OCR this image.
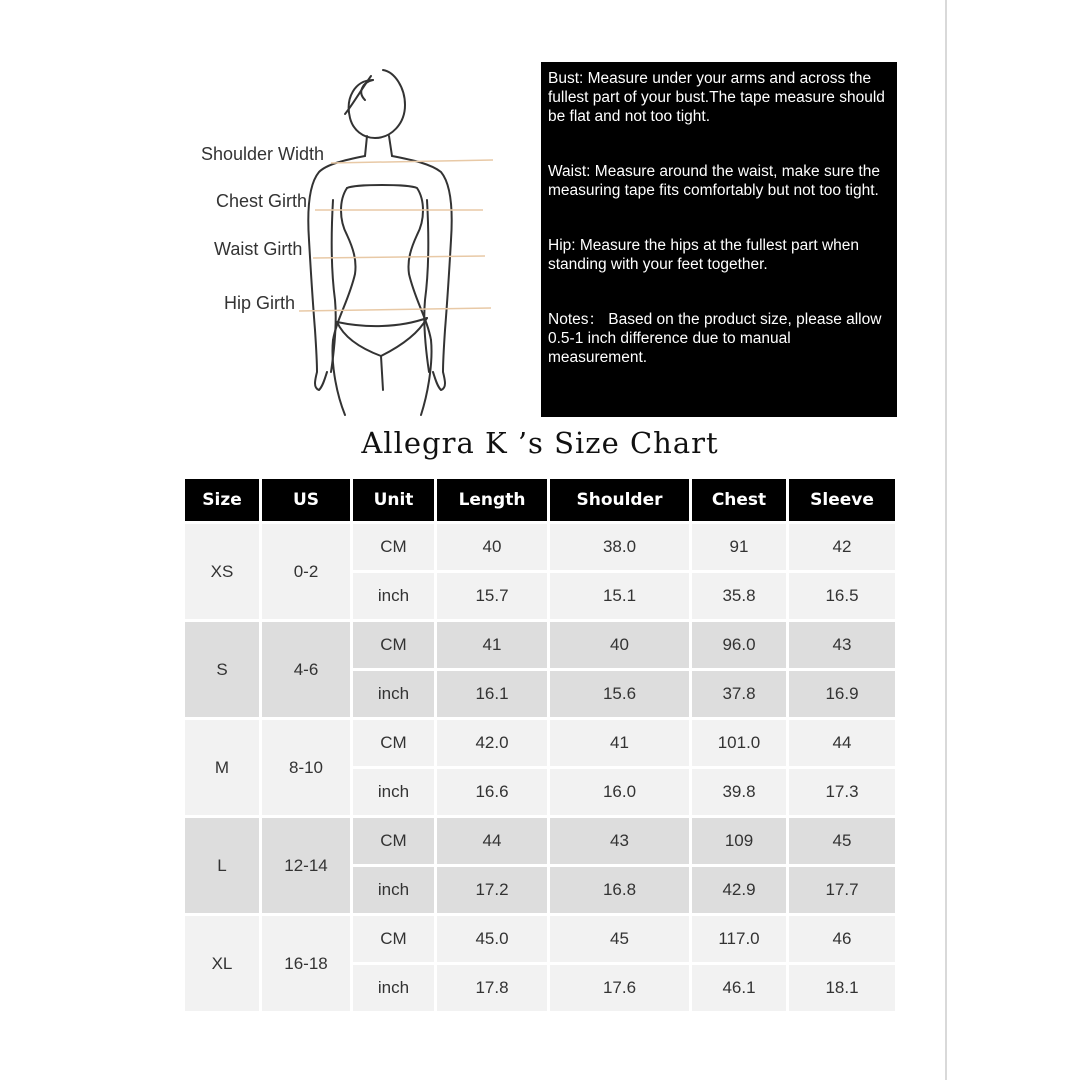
Shoulder Width
Chest Girth
Waist Girth
Hip Girth

Bust: Measure under your arms and across the fullest part of your bust.The tape measure should be flat and not too tight.

Waist: Measure around the waist, make sure the measuring tape fits comfortably but not too tight.

Hip: Measure the hips at the fullest part when standing with your feet together.

Notes： Based on the product size, please allow 0.5-1 inch difference due to manual measurement.

Allegra K ’s Size Chart
Size	US	Unit	Length	Shoulder	Chest	Sleeve
XS	0-2	CM	40	38.0	91	42
		inch	15.7	15.1	35.8	16.5
S	4-6	CM	41	40	96.0	43
		inch	16.1	15.6	37.8	16.9
M	8-10	CM	42.0	41	101.0	44
		inch	16.6	16.0	39.8	17.3
L	12-14	CM	44	43	109	45
		inch	17.2	16.8	42.9	17.7
XL	16-18	CM	45.0	45	117.0	46
		inch	17.8	17.6	46.1	18.1
